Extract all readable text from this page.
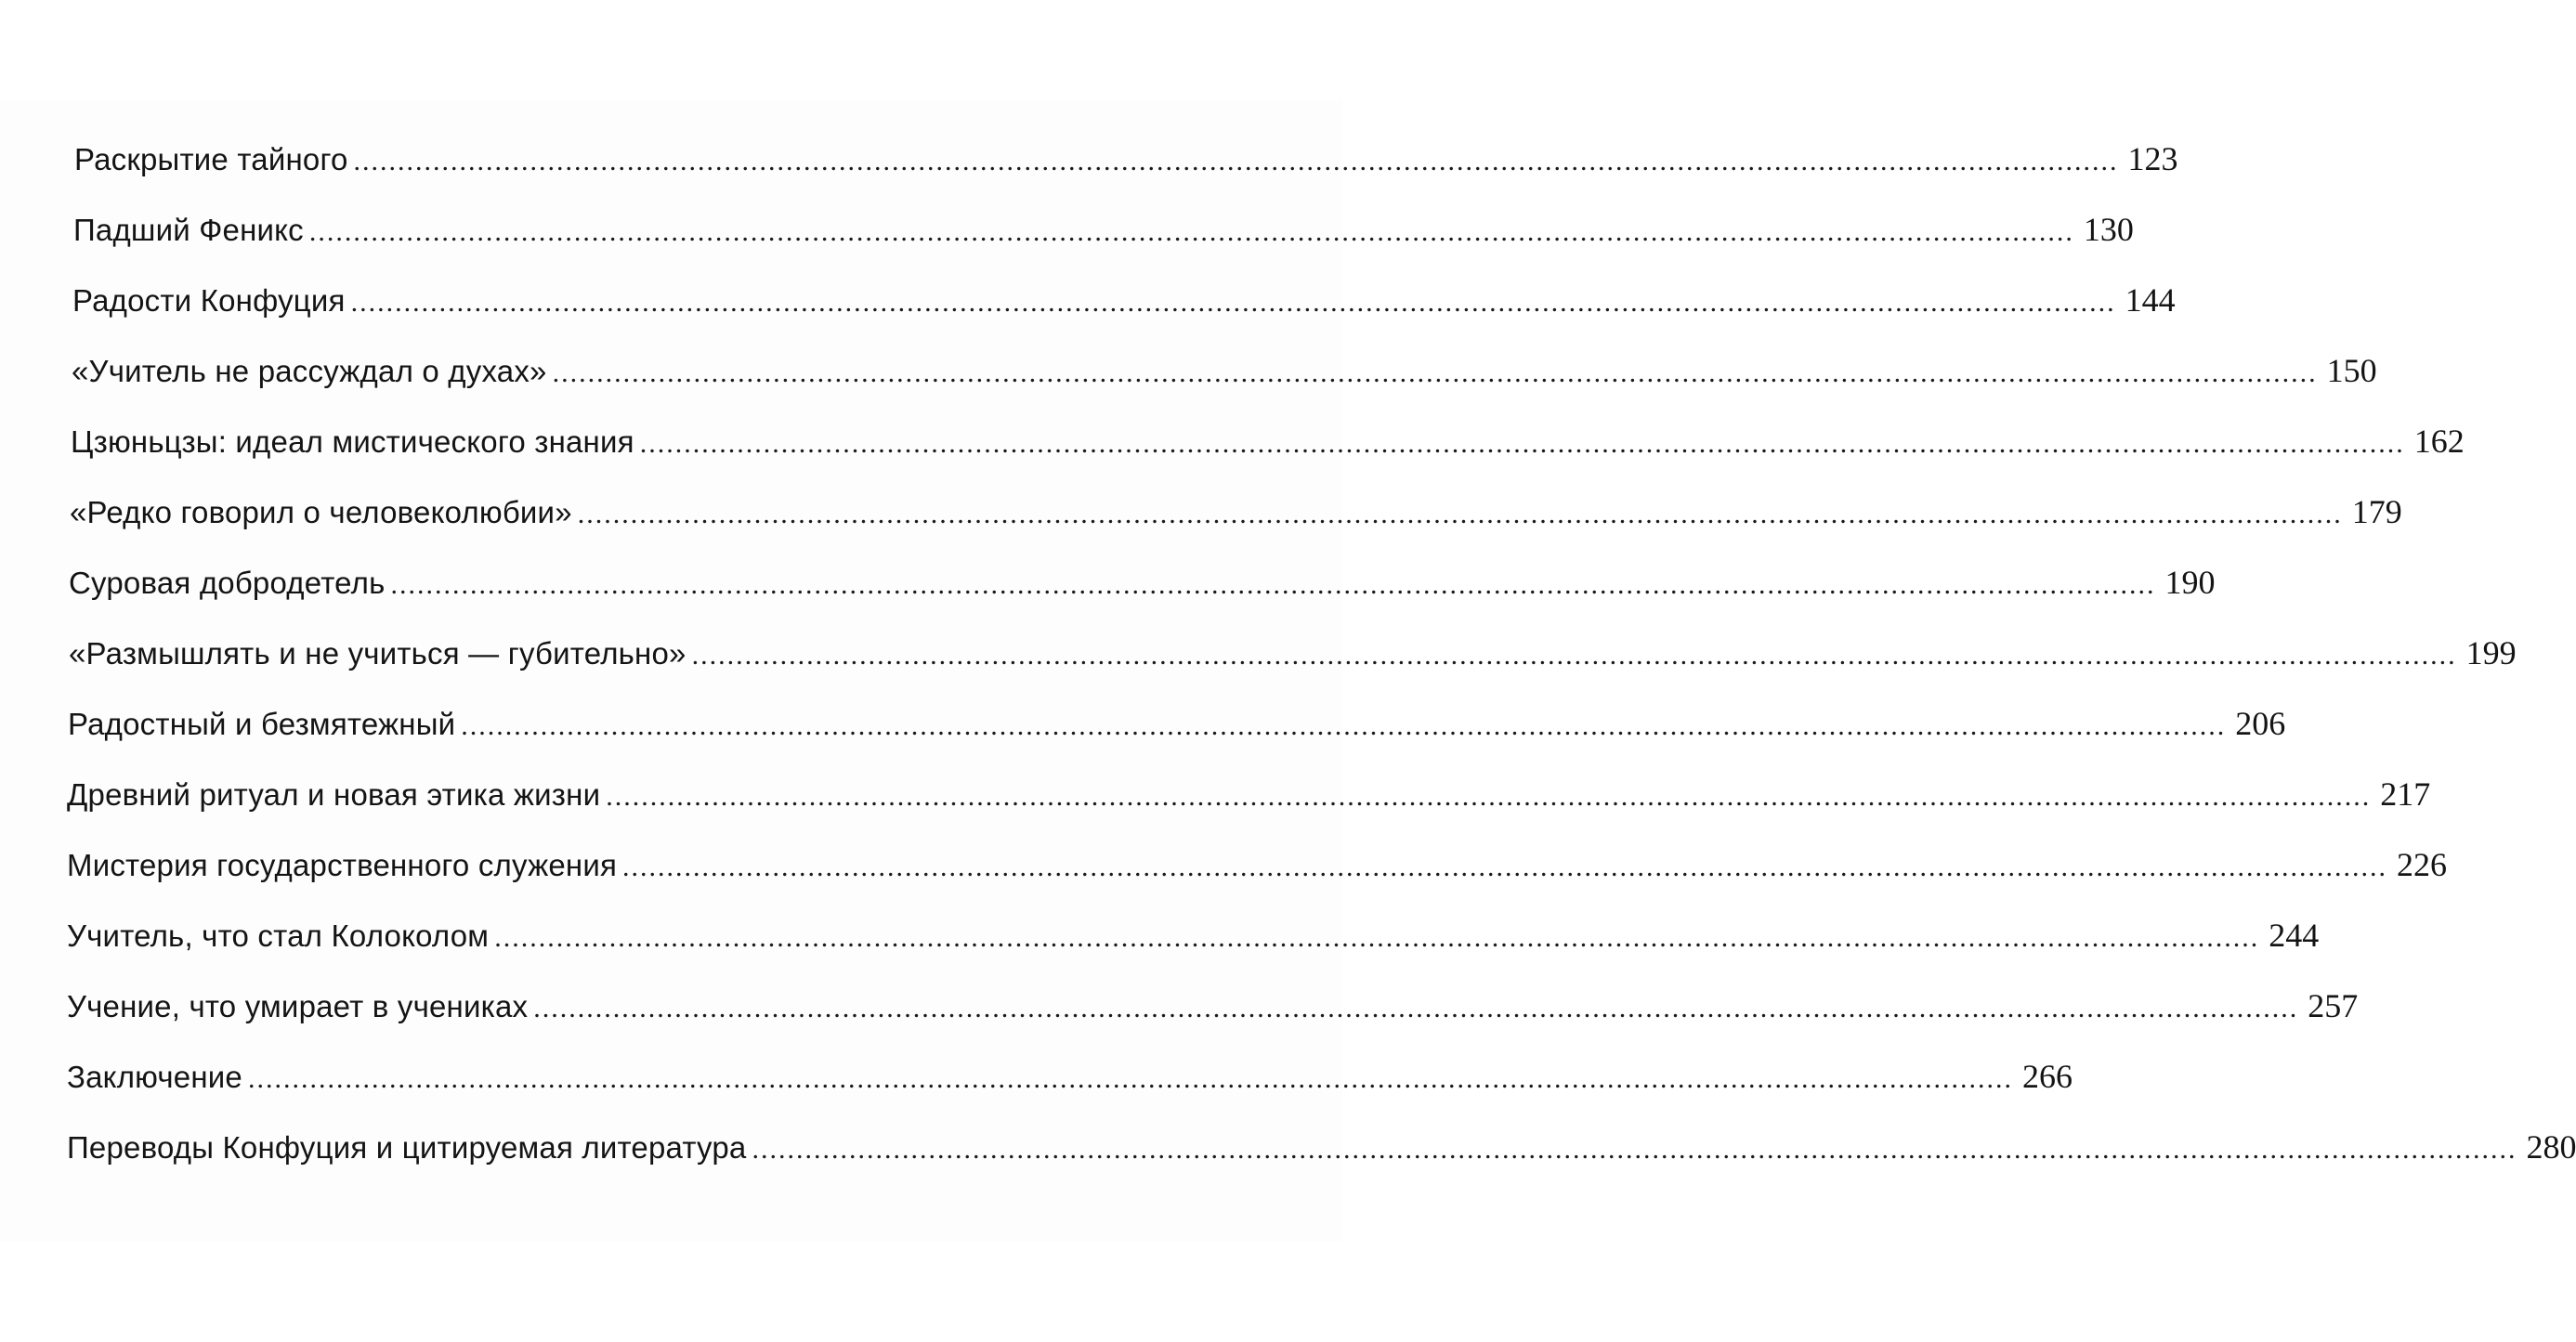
Раскрытие тайного ........................................................................................................................................................................................................ 123
Падший Феникс ........................................................................................................................................................................................................ 130
Радости Конфуция ........................................................................................................................................................................................................ 144
«Учитель не рассуждал о духах» ........................................................................................................................................................................................................ 150
Цзюньцзы: идеал мистического знания ........................................................................................................................................................................................................ 162
«Редко говорил о человеколюбии» ........................................................................................................................................................................................................ 179
Суровая добродетель ........................................................................................................................................................................................................ 190
«Размышлять и не учиться — губительно» ........................................................................................................................................................................................................ 199
Радостный и безмятежный ........................................................................................................................................................................................................ 206
Древний ритуал и новая этика жизни ........................................................................................................................................................................................................ 217
Мистерия государственного служения ........................................................................................................................................................................................................ 226
Учитель, что стал Колоколом ........................................................................................................................................................................................................ 244
Учение, что умирает в учениках ........................................................................................................................................................................................................ 257
Заключение ........................................................................................................................................................................................................ 266
Переводы Конфуция и цитируемая литература ........................................................................................................................................................................................................ 280
